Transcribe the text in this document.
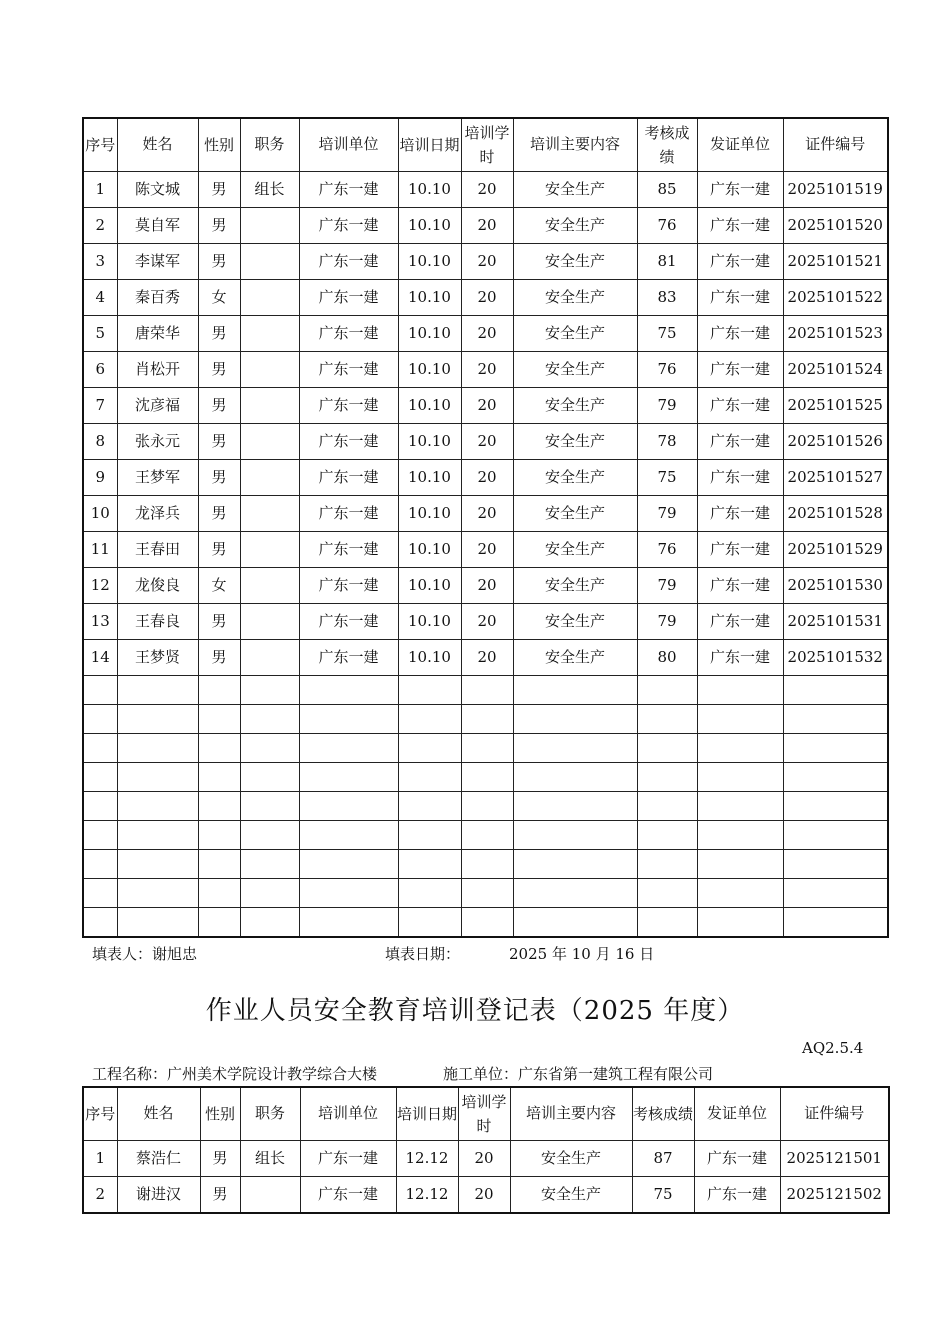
序号	姓名	性别	职务	培训单位	培训日期	培训学时	培训主要内容	考核成绩	发证单位	证件编号
1	陈文城	男	组长	广东一建	10.10	20	安全生产	85	广东一建	2025101519
2	莫自军	男		广东一建	10.10	20	安全生产	76	广东一建	2025101520
3	李谋军	男		广东一建	10.10	20	安全生产	81	广东一建	2025101521
4	秦百秀	女		广东一建	10.10	20	安全生产	83	广东一建	2025101522
5	唐荣华	男		广东一建	10.10	20	安全生产	75	广东一建	2025101523
6	肖松开	男		广东一建	10.10	20	安全生产	76	广东一建	2025101524
7	沈彦福	男		广东一建	10.10	20	安全生产	79	广东一建	2025101525
8	张永元	男		广东一建	10.10	20	安全生产	78	广东一建	2025101526
9	王梦军	男		广东一建	10.10	20	安全生产	75	广东一建	2025101527
10	龙泽兵	男		广东一建	10.10	20	安全生产	79	广东一建	2025101528
11	王春田	男		广东一建	10.10	20	安全生产	76	广东一建	2025101529
12	龙俊良	女		广东一建	10.10	20	安全生产	79	广东一建	2025101530
13	王春良	男		广东一建	10.10	20	安全生产	79	广东一建	2025101531
14	王梦贤	男		广东一建	10.10	20	安全生产	80	广东一建	2025101532

填表人：谢旭忠	填表日期：	2025 年 10 月 16 日
作业人员安全教育培训登记表（2025 年度）
AQ2.5.4
工程名称：广州美术学院设计教学综合大楼	施工单位：广东省第一建筑工程有限公司
序号	姓名	性别	职务	培训单位	培训日期	培训学时	培训主要内容	考核成绩	发证单位	证件编号
1	蔡浩仁	男	组长	广东一建	12.12	20	安全生产	87	广东一建	2025121501
2	谢进汉	男		广东一建	12.12	20	安全生产	75	广东一建	2025121502
